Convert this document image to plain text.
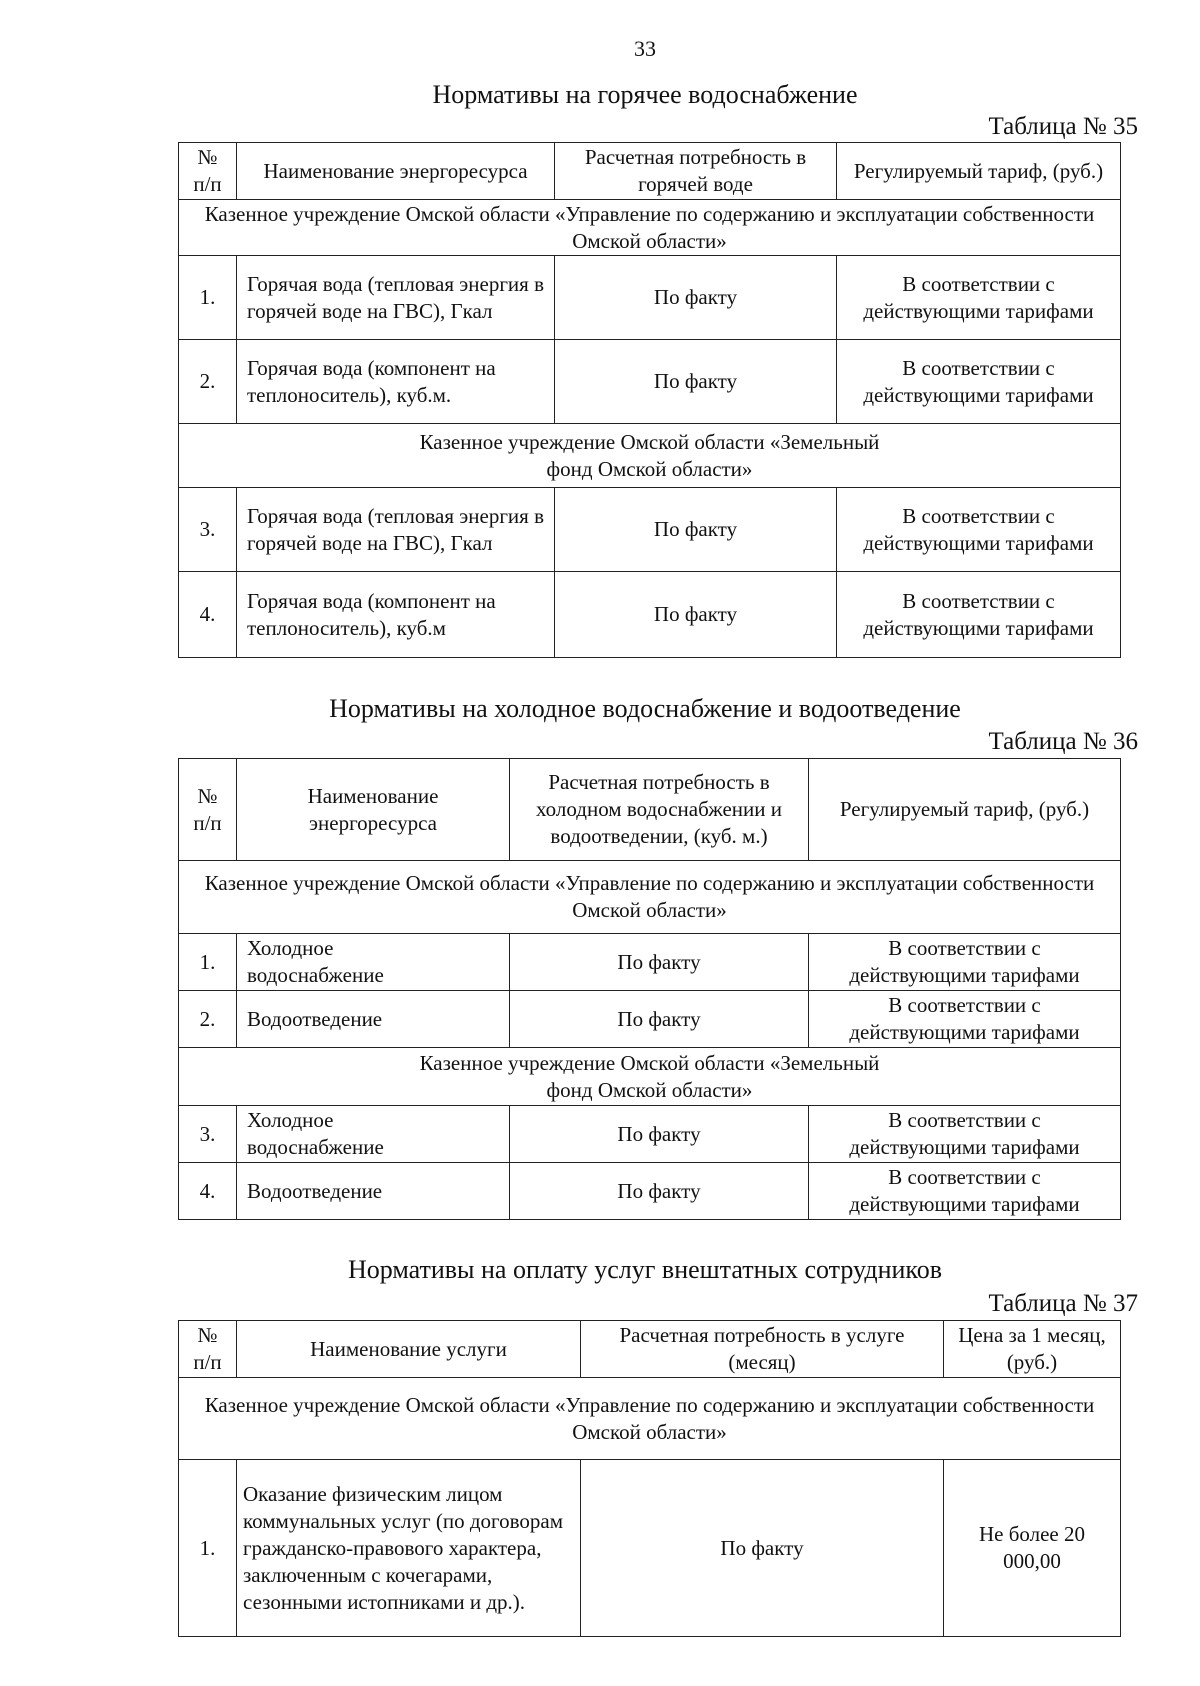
33
Нормативы на горячее водоснабжение
Таблица № 35
№ п/п	Наименование энергоресурса	Расчетная потребность в горячей воде	Регулируемый тариф, (руб.)
Казенное учреждение Омской области «Управление по содержанию и эксплуатации собственности Омской области»			
1.	Горячая вода (тепловая энергия в горячей воде на ГВС), Гкал	По факту	В соответствии с действующими тарифами
2.	Горячая вода (компонент на теплоноситель), куб.м.	По факту	В соответствии с действующими тарифами
Казенное учреждение Омской области «Земельный фонд Омской области»			
3.	Горячая вода (тепловая энергия в горячей воде на ГВС), Гкал	По факту	В соответствии с действующими тарифами
4.	Горячая вода (компонент на теплоноситель), куб.м	По факту	В соответствии с действующими тарифами
Нормативы на холодное водоснабжение и водоотведение
Таблица № 36
№ п/п	Наименование энергоресурса	Расчетная потребность в холодном водоснабжении и водоотведении, (куб. м.)	Регулируемый тариф, (руб.)
Казенное учреждение Омской области «Управление по содержанию и эксплуатации собственности Омской области»			
1.	Холодное водоснабжение	По факту	В соответствии с действующими тарифами
2.	Водоотведение	По факту	В соответствии с действующими тарифами
Казенное учреждение Омской области «Земельный фонд Омской области»			
3.	Холодное водоснабжение	По факту	В соответствии с действующими тарифами
4.	Водоотведение	По факту	В соответствии с действующими тарифами
Нормативы на оплату услуг внештатных сотрудников
Таблица № 37
№ п/п	Наименование услуги	Расчетная потребность в услуге (месяц)	Цена за 1 месяц, (руб.)
Казенное учреждение Омской области «Управление по содержанию и эксплуатации собственности Омской области»			
1.	Оказание физическим лицом коммунальных услуг (по договорам гражданско-правового характера, заключенным с кочегарами, сезонными истопниками и др.).	По факту	Не более 20 000,00
